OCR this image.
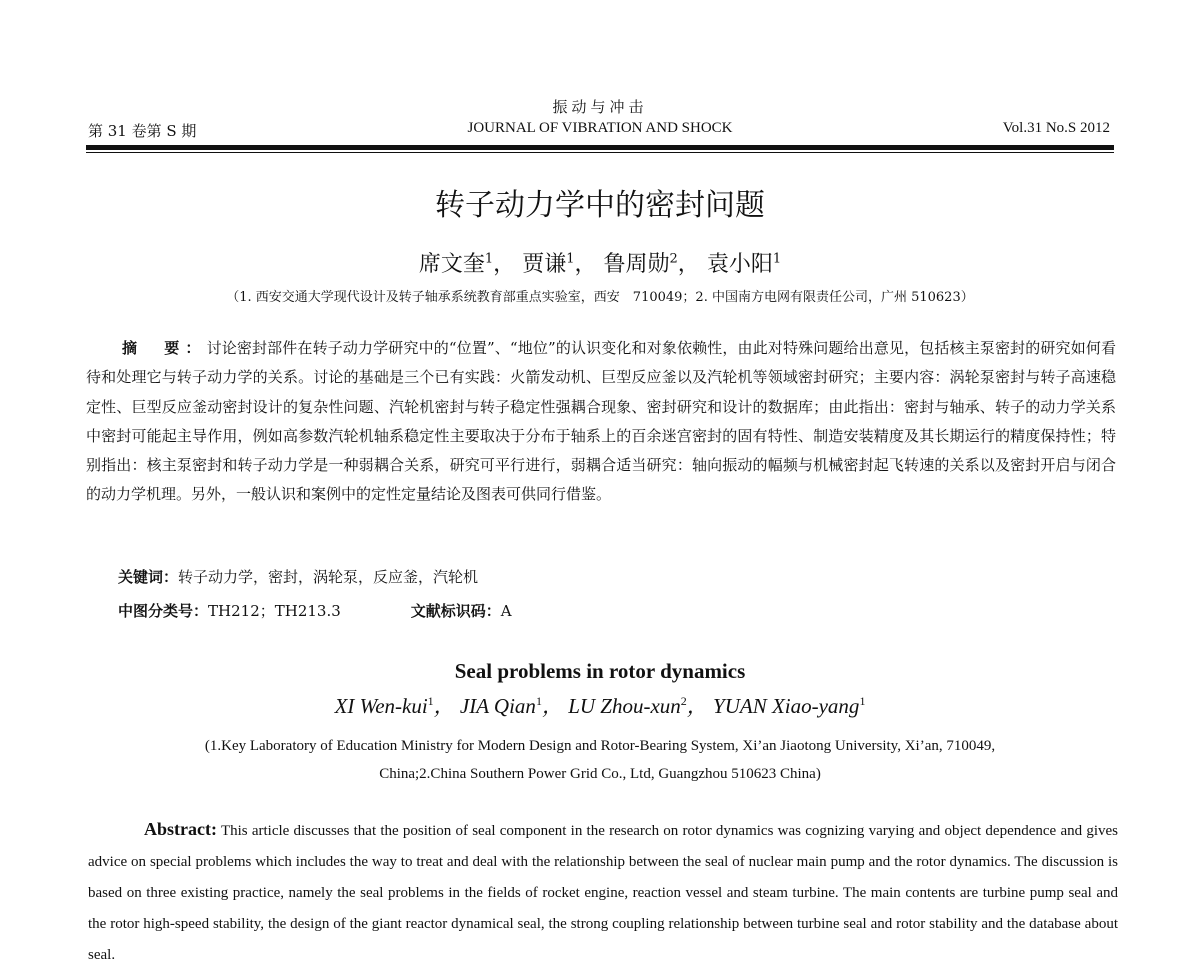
振动与冲击
第 31 卷第 S 期	JOURNAL OF VIBRATION AND SHOCK	Vol.31 No.S 2012
转子动力学中的密封问题
席文奎$^1$， 贾谦$^1$， 鲁周勋$^2$， 袁小阳$^1$
（1. 西安交通大学现代设计及转子轴承系统教育部重点实验室，西安　710049；2. 中国南方电网有限责任公司，广州 510623）
摘　要：讨论密封部件在转子动力学研究中的“位置”、“地位”的认识变化和对象依赖性，由此对特殊问题给出意见，包括核主泵密封的研究如何看待和处理它与转子动力学的关系。讨论的基础是三个已有实践：火箭发动机、巨型反应釜以及汽轮机等领域密封研究；主要内容：涡轮泵密封与转子高速稳定性、巨型反应釜动密封设计的复杂性问题、汽轮机密封与转子稳定性强耦合现象、密封研究和设计的数据库；由此指出：密封与轴承、转子的动力学关系中密封可能起主导作用，例如高参数汽轮机轴系稳定性主要取决于分布于轴系上的百余迷宫密封的固有特性、制造安装精度及其长期运行的精度保持性；特别指出：核主泵密封和转子动力学是一种弱耦合关系，研究可平行进行，弱耦合适当研究：轴向振动的幅频与机械密封起飞转速的关系以及密封开启与闭合的动力学机理。另外，一般认识和案例中的定性定量结论及图表可供同行借鉴。
关键词：转子动力学，密封，涡轮泵，反应釜，汽轮机
中图分类号：TH212；TH213.3	文献标识码：A
Seal problems in rotor dynamics
XI Wen-kui$^1$， JIA Qian$^1$， LU Zhou-xun$^2$， YUAN Xiao-yang$^1$
(1.Key Laboratory of Education Ministry for Modern Design and Rotor-Bearing System, Xi’an Jiaotong University, Xi’an, 710049,
China;2.China Southern Power Grid Co., Ltd, Guangzhou 510623 China)
Abstract: This article discusses that the position of seal component in the research on rotor dynamics was cognizing varying and object dependence and gives advice on special problems which includes the way to treat and deal with the relationship between the seal of nuclear main pump and the rotor dynamics. The discussion is based on three existing practice, namely the seal problems in the fields of rocket engine, reaction vessel and steam turbine. The main contents are turbine pump seal and the rotor high-speed stability, the design of the giant reactor dynamical seal, the strong coupling relationship between turbine seal and rotor stability and the database about seal.
